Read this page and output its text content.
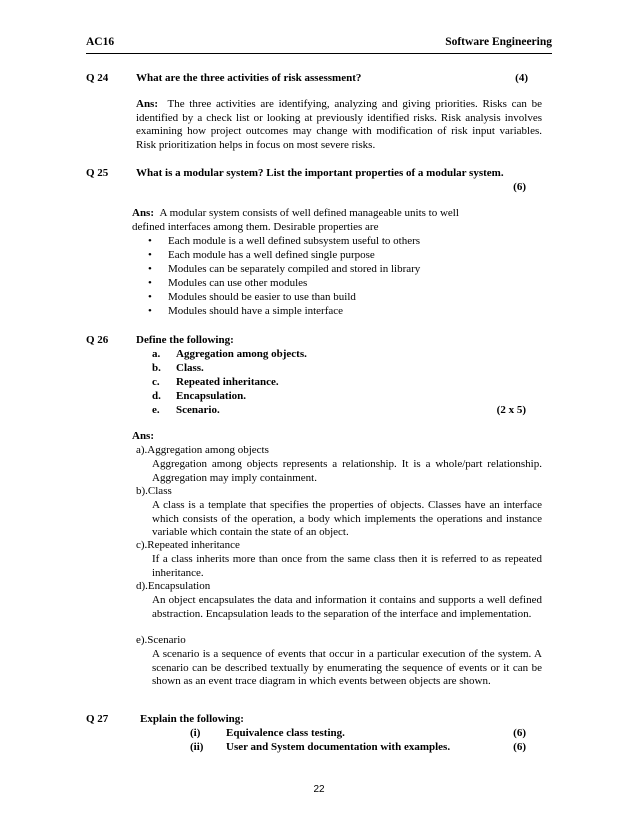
AC16	Software Engineering
Q 24	What are the three activities of risk assessment?	(4)
Ans: The three activities are identifying, analyzing and giving priorities. Risks can be identified by a check list or looking at previously identified risks. Risk analysis involves examining how project outcomes may change with modification of risk input variables. Risk prioritization helps in focus on most severe risks.
Q 25	What is a modular system? List the important properties of a modular system.
(6)
Ans: A modular system consists of well defined manageable units to well defined interfaces among them. Desirable properties are
• Each module is a well defined subsystem useful to others
• Each module has a well defined single purpose
• Modules can be separately compiled and stored in library
• Modules can use other modules
• Modules should be easier to use than build
• Modules should have a simple interface
Q 26	Define the following:
a. Aggregation among objects.
b. Class.
c. Repeated inheritance.
d. Encapsulation.
e. Scenario.	(2 x 5)
Ans:
a).Aggregation among objects
Aggregation among objects represents a relationship. It is a whole/part relationship. Aggregation may imply containment.
b).Class
A class is a template that specifies the properties of objects. Classes have an interface which consists of the operation, a body which implements the operations and instance variable which contain the state of an object.
c).Repeated inheritance
If a class inherits more than once from the same class then it is referred to as repeated inheritance.
d).Encapsulation
An object encapsulates the data and information it contains and supports a well defined abstraction. Encapsulation leads to the separation of the interface and implementation.
e).Scenario
A scenario is a sequence of events that occur in a particular execution of the system. A scenario can be described textually by enumerating the sequence of events or it can be shown as an event trace diagram in which events between objects are shown.
Q 27	Explain the following:
(i) Equivalence class testing.	(6)
(ii) User and System documentation with examples.	(6)
22
